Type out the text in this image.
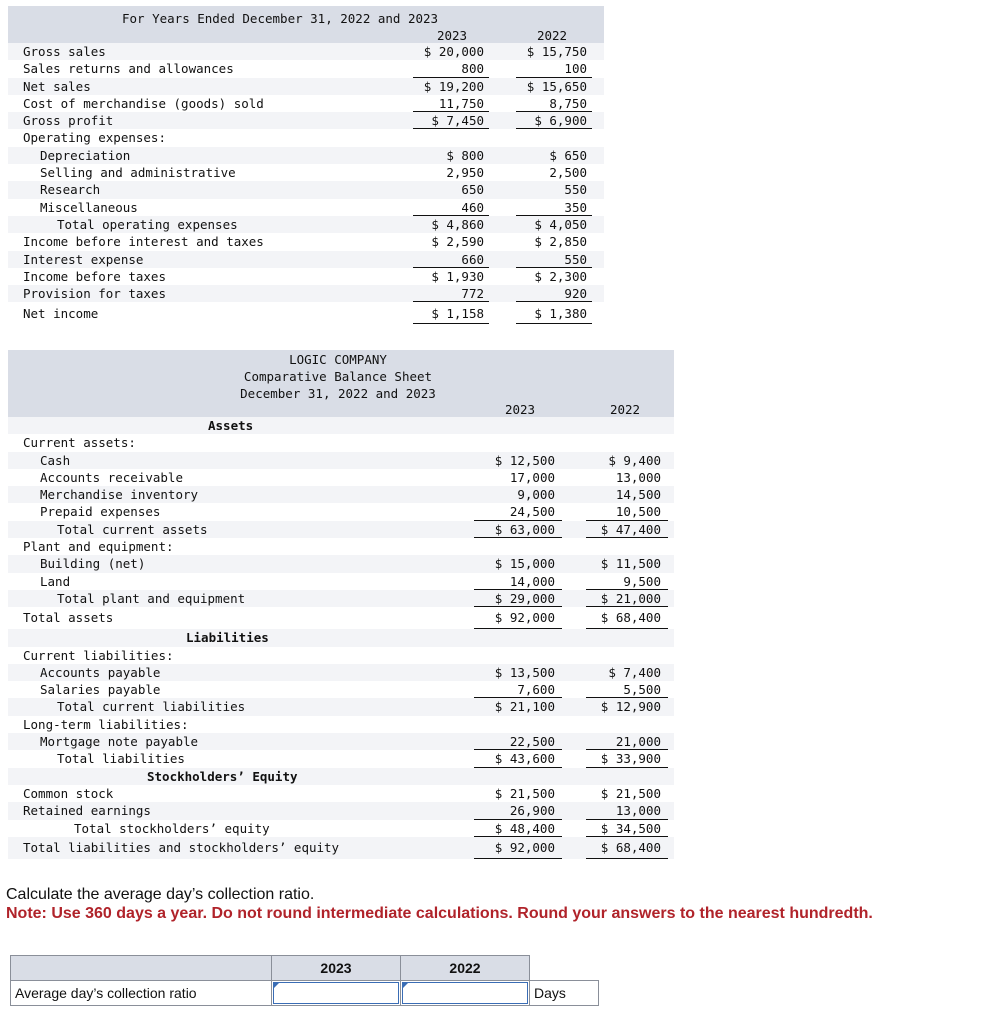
For Years Ended December 31, 2022 and 2023
2023	2022
Gross sales	$ 20,000	$ 15,750
Sales returns and allowances	800	100
Net sales	$ 19,200	$ 15,650
Cost of merchandise (goods) sold	11,750	8,750
Gross profit	$ 7,450	$ 6,900
Operating expenses:
Depreciation	$ 800	$ 650
Selling and administrative	2,950	2,500
Research	650	550
Miscellaneous	460	350
Total operating expenses	$ 4,860	$ 4,050
Income before interest and taxes	$ 2,590	$ 2,850
Interest expense	660	550
Income before taxes	$ 1,930	$ 2,300
Provision for taxes	772	920
Net income	$ 1,158	$ 1,380
LOGIC COMPANY
Comparative Balance Sheet
December 31, 2022 and 2023
2023	2022
Assets
Current assets:
Cash	$ 12,500	$ 9,400
Accounts receivable	17,000	13,000
Merchandise inventory	9,000	14,500
Prepaid expenses	24,500	10,500
Total current assets	$ 63,000	$ 47,400
Plant and equipment:
Building (net)	$ 15,000	$ 11,500
Land	14,000	9,500
Total plant and equipment	$ 29,000	$ 21,000
Total assets	$ 92,000	$ 68,400
Liabilities
Current liabilities:
Accounts payable	$ 13,500	$ 7,400
Salaries payable	7,600	5,500
Total current liabilities	$ 21,100	$ 12,900
Long-term liabilities:
Mortgage note payable	22,500	21,000
Total liabilities	$ 43,600	$ 33,900
Stockholders’ Equity
Common stock	$ 21,500	$ 21,500
Retained earnings	26,900	13,000
Total stockholders’ equity	$ 48,400	$ 34,500
Total liabilities and stockholders’ equity	$ 92,000	$ 68,400
Calculate the average day’s collection ratio.
Note: Use 360 days a year. Do not round intermediate calculations. Round your answers to the nearest hundredth.
	2023	2022	
Average day’s collection ratio			Days
